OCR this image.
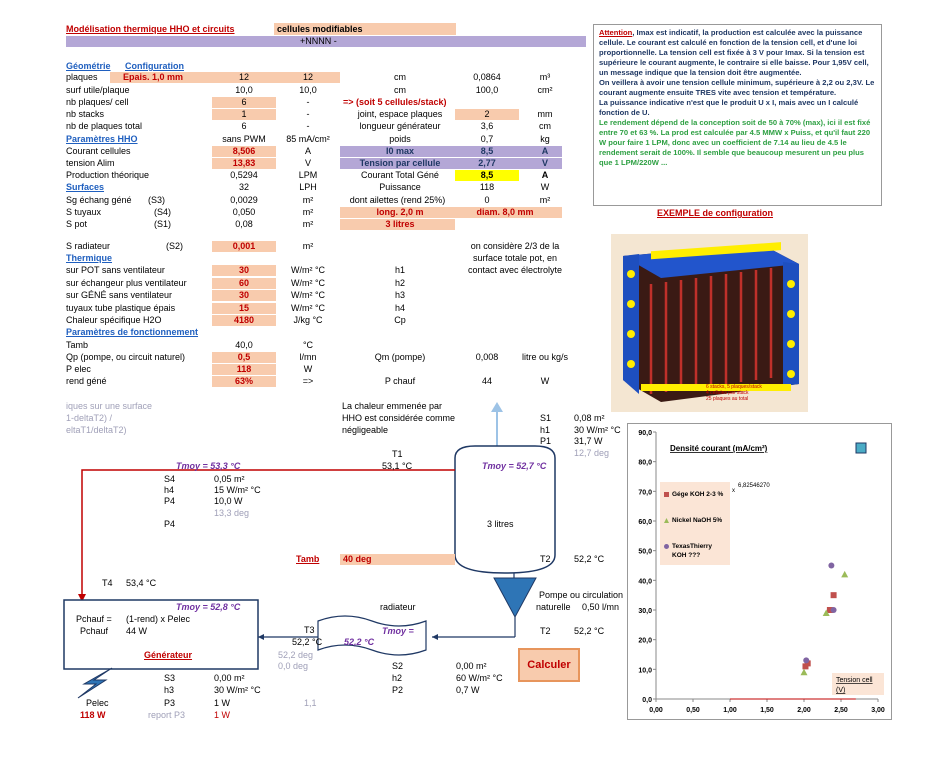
Modélisation thermique HHO et circuits	cellules modifiables
+NNNN -
Géométrie Configuration
plaques	Epais. 1,0 mm	12	12	cm	0,0864	m³
surf utile/plaque	10,0	10,0	cm	100,0	cm²
nb plaques/ cell	6	-	=> (soit 5 cellules/stack)
nb stacks	1	-	joint, espace plaques	2	mm
nb de plaques total	6	-	longueur générateur	3,6	cm
Paramètres HHO	sans PWM	85 mA/cm²	poids	0,7	kg
Courant cellules	8,506	A	I0 max	8,5	A
tension Alim	13,83	V	Tension par cellule	2,77	V
Production théorique	0,5294	LPM	Courant Total Géné	8,5	A
Surfaces	32	LPH	Puissance	118	W
Sg échang géné (S3)	0,0029	m²	dont ailettes (rend 25%)	0	m²
S tuyaux	(S4)	0,050	m²	long. 2,0 m	diam. 8,0 mm
S pot	(S1)	0,08	m²	3 litres
S radiateur	(S2)	0,001	m²	on considère 2/3 de la
surface totale pot, en
contact avec électrolyte
Thermique
sur POT sans ventilateur	30	W/m² °C	h1
sur échangeur plus ventilateur	60	W/m² °C	h2
sur GÉNÉ sans ventilateur	30	W/m² °C	h3
tuyaux tube plastique épais	15	W/m² °C	h4
Chaleur spécifique H2O	4180	J/kg °C	Cp
Paramètres de fonctionnement
Tamb	40,0	°C
Qp (pompe, ou circuit naturel)	0,5	l/mn	Qm (pompe)	0,008	litre ou kg/s
P elec	118	W
rend géné	63%	=>	P chauf	44	W
iques sur une surface
1-deltaT2) /
eltaT1/deltaT2)
La chaleur emmenée par
HHO est considérée comme
négligeable
S1	0,08 m²
h1	30 W/m² °C
P1	31,7 W
12,7 deg
T1
53,1 °C
Tmoy = 53,3 °C	Tmoy = 52,7 °C
S4	0,05 m²
h4	15 W/m² °C
P4	10,0 W
13,3 deg
P4	3 litres
Tamb	40 deg	T2	52,2 °C
T4 53,4 °C
Pompe ou circulation
naturelle 0,50 l/mn
Tmoy = 52,8 °C
Pchauf = (1-rend) x Pelec
Pchauf 44 W
Générateur
radiateur
T3	Tmoy =
52,2 °C 52,2 °C
52,2 deg
0,0 deg
T2	52,2 °C
S2	0,00 m²
h2	60 W/m² °C
P2	0,7 W
Calculer
S3	0,00 m²
h3	30 W/m² °C
P3	1 W	1,1
report P3	1 W
Pelec
118 W
Attention, Imax est indicatif, la production est calculée avec la puissance cellule. Le courant est calculé en fonction de la tension cell, et d'une loi proportionnelle. La tension cell est fixée à 3 V pour Imax. Si la tension est supérieure le courant augmente, le contraire si elle baisse. Pour 1,95V cell, un message indique que la tension doit être augmentée.
On veillera à avoir une tension cellule minimum, supérieure à 2,2 ou 2,3V. Le courant augmente ensuite TRES vite avec tension et température.
La puissance indicative n'est que le produit U x I, mais avec un I calculé fonction de U.
Le rendement dépend de la conception soit de 50 à 70% (max), ici il est fixé entre 70 et 63 %. La prod est calculée par 4.5 MMW x Puiss, et qu'il faut 220 W pour faire 1 LPM, donc avec un coefficient de 7.14 au lieu de 4.5 le rendement serait de 100%. Il semble que beaucoup mesurent un peu plus que 1 LPM/220W ...
EXEMPLE de configuration
6 stacks, 5 plaques/stack
4 cellules par stack
25 plaques au total
0,0
10,0
20,0
30,0
40,0
50,0
60,0
70,0
80,0
90,0
0,00	0,50	1,00	1,50	2,00	2,50	3,00
Densité courant (mA/cm²)
x
6,82546270
Gége KOH 2-3 %
Nickel NaOH 5%
TexasThierry
KOH ???
Tension cell
(V)
